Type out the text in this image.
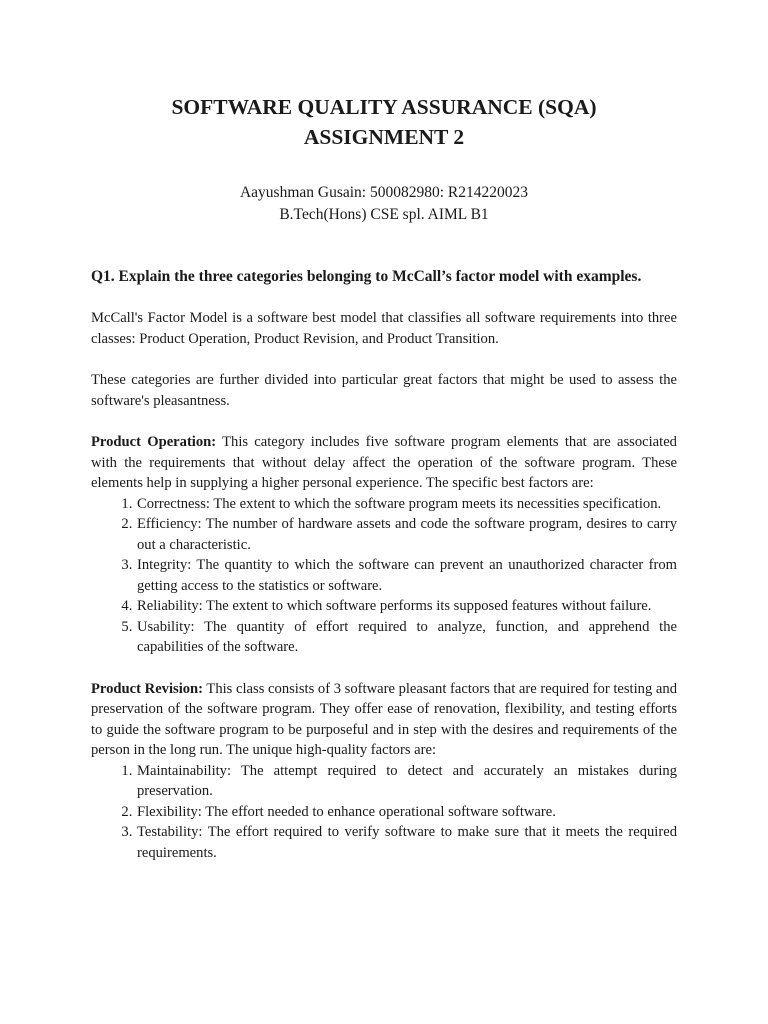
SOFTWARE QUALITY ASSURANCE (SQA)
ASSIGNMENT 2
Aayushman Gusain: 500082980: R214220023
B.Tech(Hons) CSE spl. AIML B1
Q1. Explain the three categories belonging to McCall’s factor model with examples.

McCall's Factor Model is a software best model that classifies all software requirements into three classes: Product Operation, Product Revision, and Product Transition.

These categories are further divided into particular great factors that might be used to assess the software's pleasantness.

Product Operation: This category includes five software program elements that are associated with the requirements that without delay affect the operation of the software program. These elements help in supplying a higher personal experience. The specific best factors are:

1. Correctness: The extent to which the software program meets its necessities specification.
2. Efficiency: The number of hardware assets and code the software program, desires to carry out a characteristic.
3. Integrity: The quantity to which the software can prevent an unauthorized character from getting access to the statistics or software.
4. Reliability: The extent to which software performs its supposed features without failure.
5. Usability: The quantity of effort required to analyze, function, and apprehend the capabilities of the software.

Product Revision: This class consists of 3 software pleasant factors that are required for testing and preservation of the software program. They offer ease of renovation, flexibility, and testing efforts to guide the software program to be purposeful and in step with the desires and requirements of the person in the long run. The unique high-quality factors are:

1. Maintainability: The attempt required to detect and accurately an mistakes during preservation.
2. Flexibility: The effort needed to enhance operational software software.
3. Testability: The effort required to verify software to make sure that it meets the required requirements.
